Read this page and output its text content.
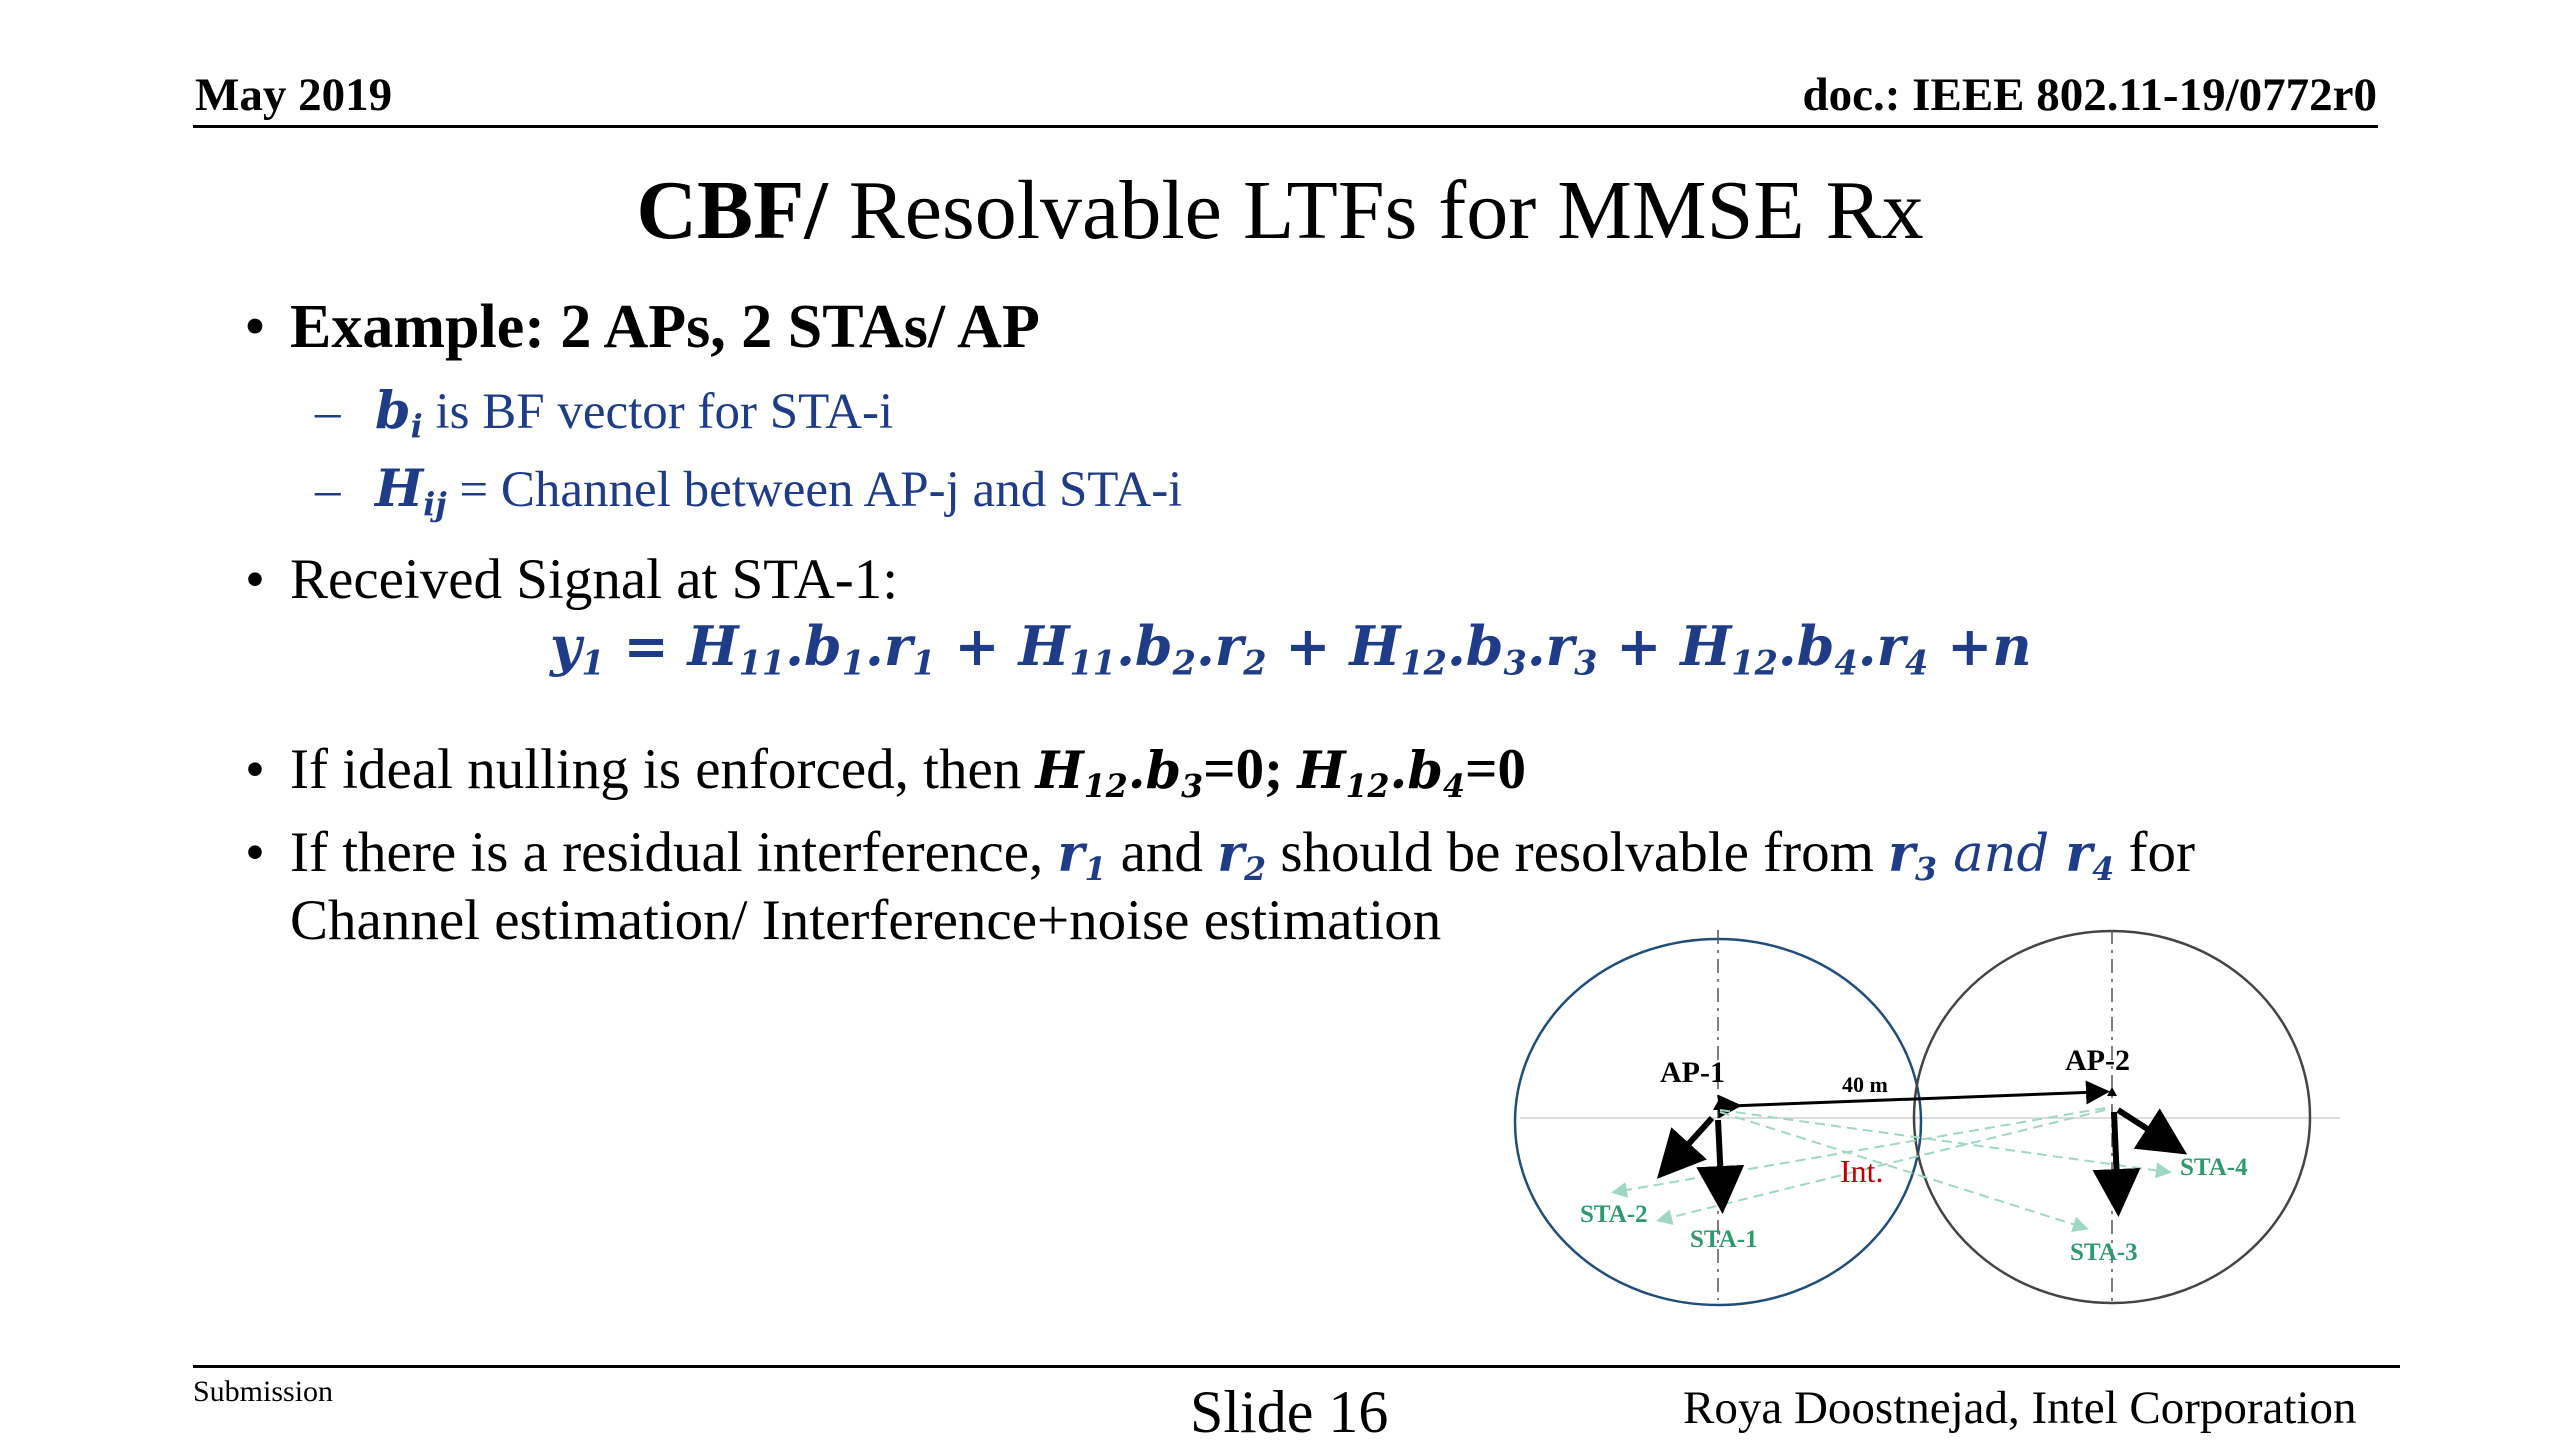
May 2019	doc.: IEEE 802.11-19/0772r0
CBF/ Resolvable LTFs for MMSE Rx
• Example: 2 APs, 2 STAs/ AP
– $b_i$ is BF vector for STA-i
– $H_{ij}$ = Channel between AP-j and STA-i
• Received Signal at STA-1:
$y_1 = H_{11}.b_1.r_1 + H_{11}.b_2.r_2 + H_{12}.b_3.r_3 + H_{12}.b_4.r_4 +n$
• If ideal nulling is enforced, then $H_{12}.b_3=0$; $H_{12}.b_4=0$
• If there is a residual interference, $r_1$ and $r_2$ should be resolvable from $r_3$ and $r_4$ for
Channel estimation/ Interference+noise estimation
AP-1	AP-2
40 m
Int.
STA-2
STA-1
STA-4
STA-3
Submission	Slide 16	Roya Doostnejad, Intel Corporation
